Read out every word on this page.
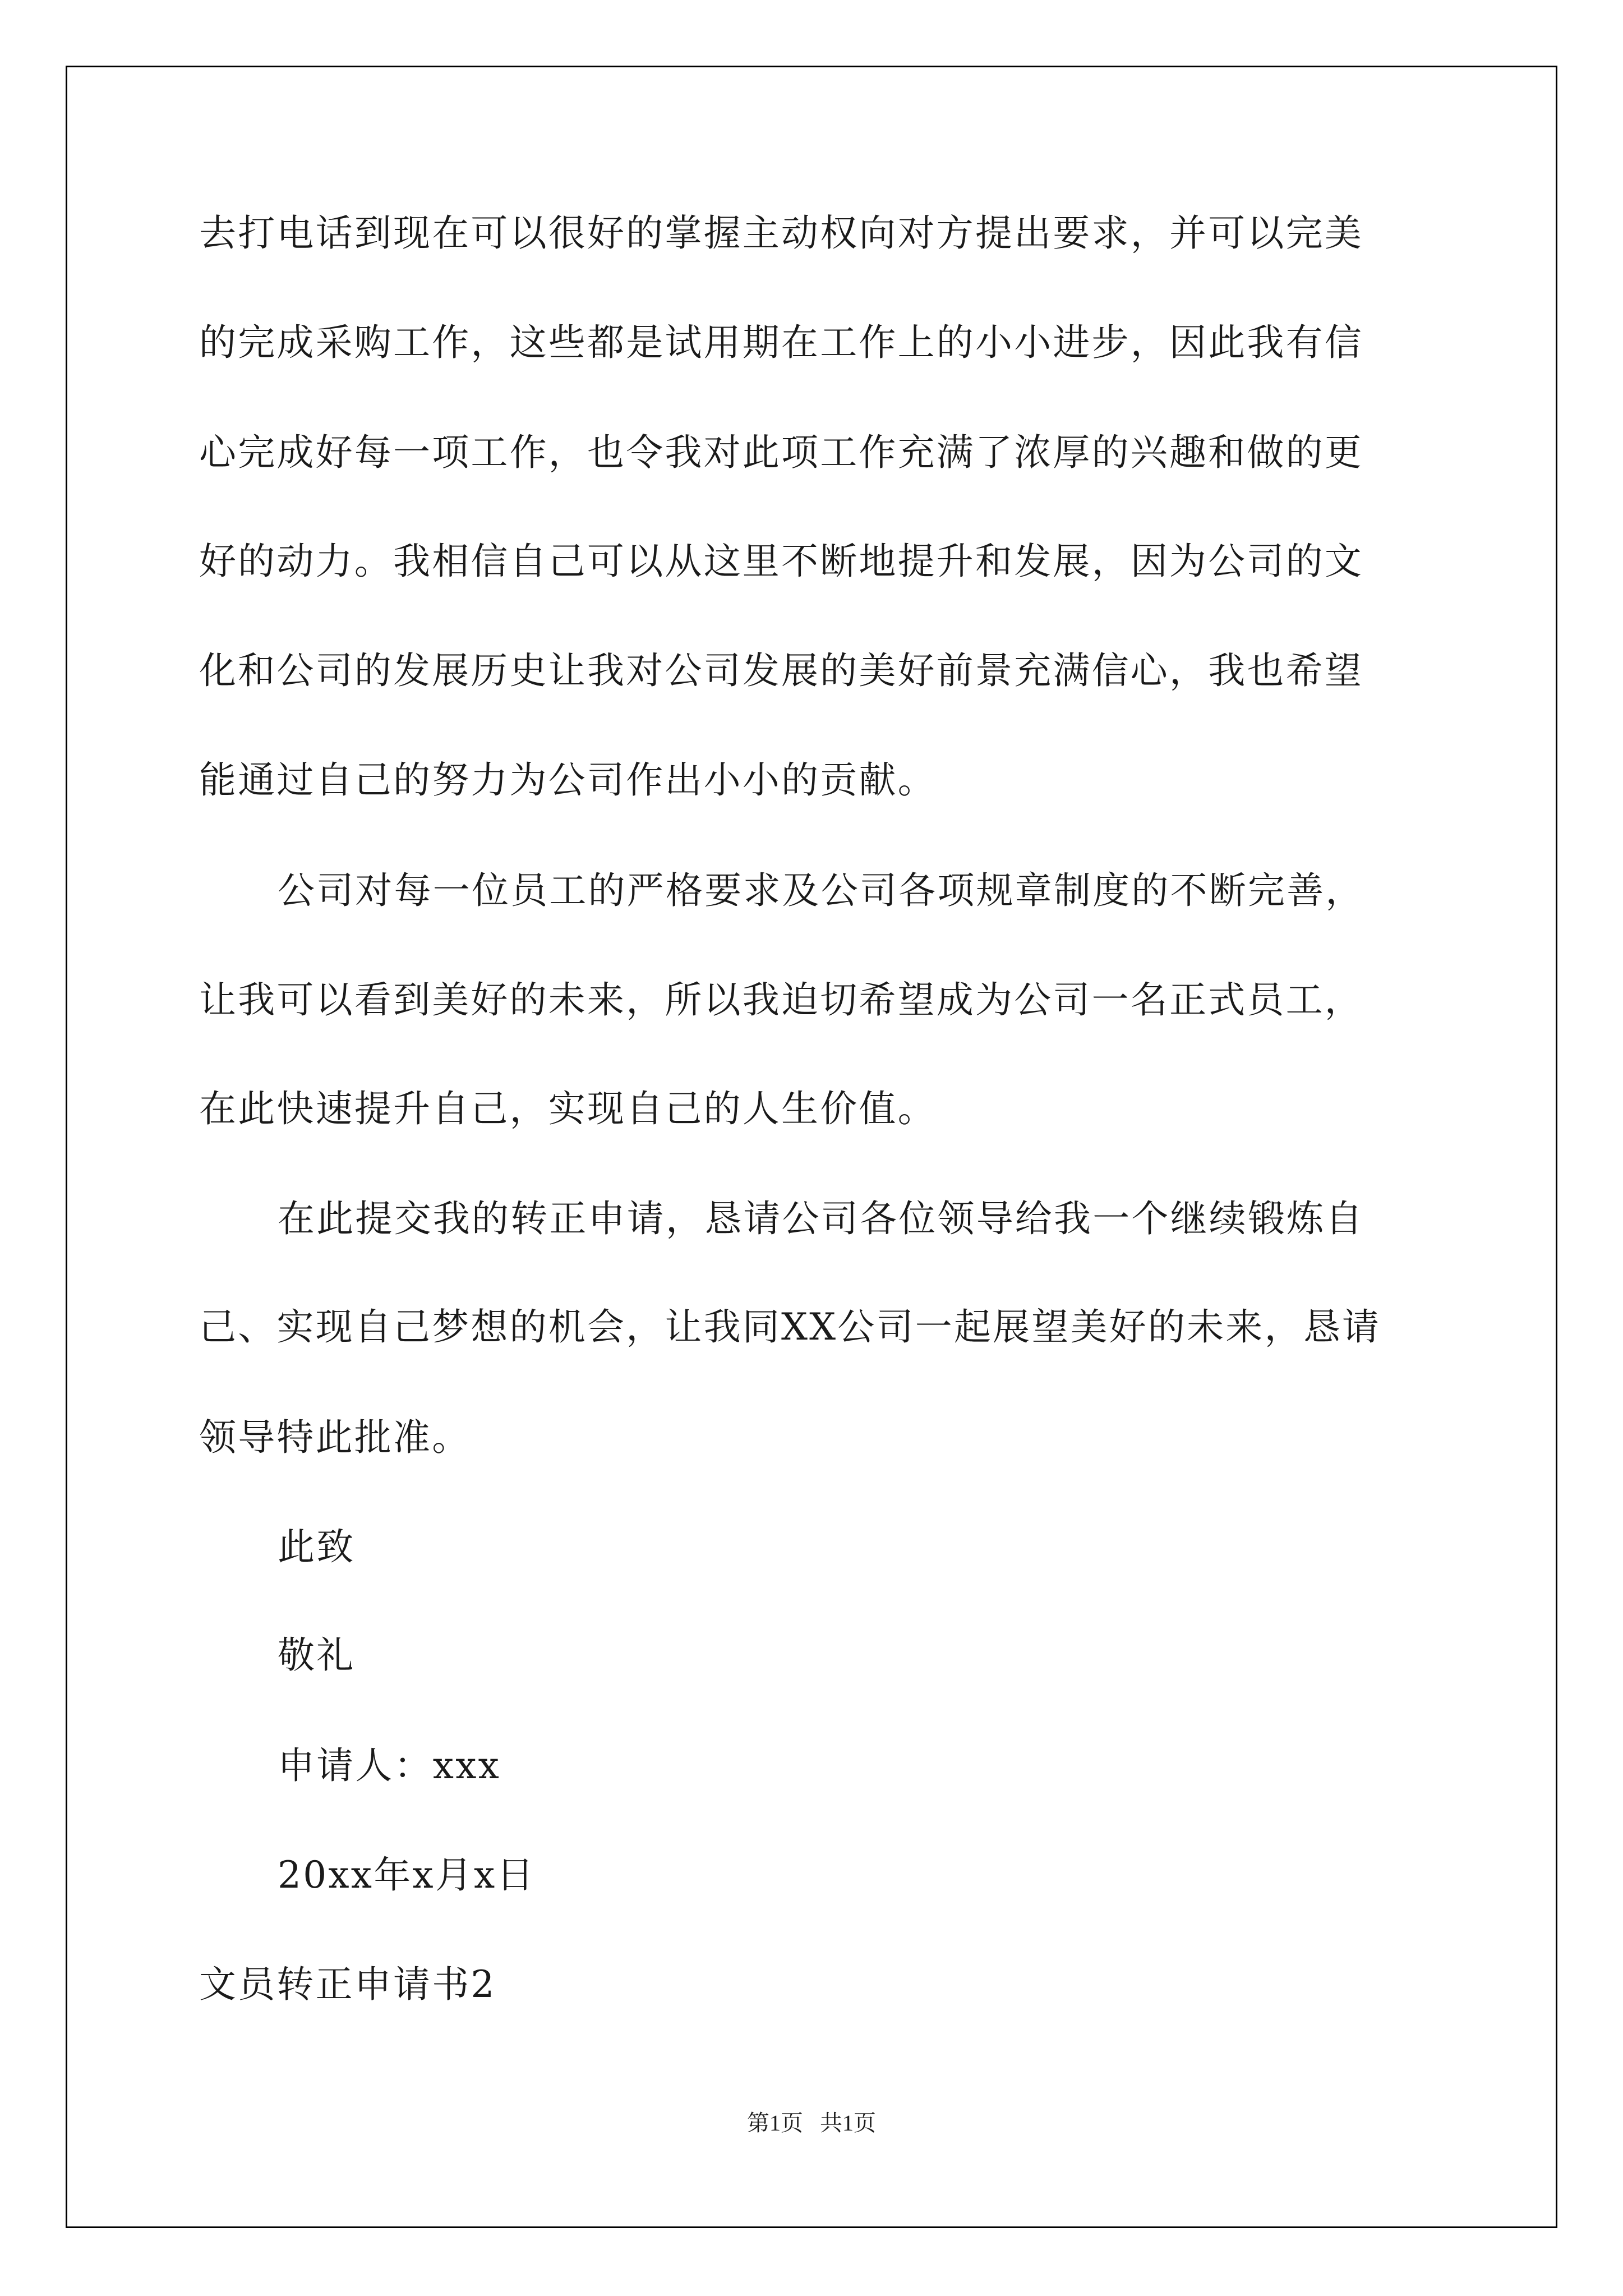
去打电话到现在可以很好的掌握主动权向对方提出要求，并可以完美
的完成采购工作，这些都是试用期在工作上的小小进步，因此我有信
心完成好每一项工作，也令我对此项工作充满了浓厚的兴趣和做的更
好的动力。我相信自己可以从这里不断地提升和发展，因为公司的文
化和公司的发展历史让我对公司发展的美好前景充满信心，我也希望
能通过自己的努力为公司作出小小的贡献。
公司对每一位员工的严格要求及公司各项规章制度的不断完善，
让我可以看到美好的未来，所以我迫切希望成为公司一名正式员工，
在此快速提升自己，实现自己的人生价值。
在此提交我的转正申请，恳请公司各位领导给我一个继续锻炼自
己、实现自己梦想的机会，让我同XX公司一起展望美好的未来，恳请
领导特此批准。
此致
敬礼
申请人：xxx
20xx年x月x日
文员转正申请书2
第1页   共1页
